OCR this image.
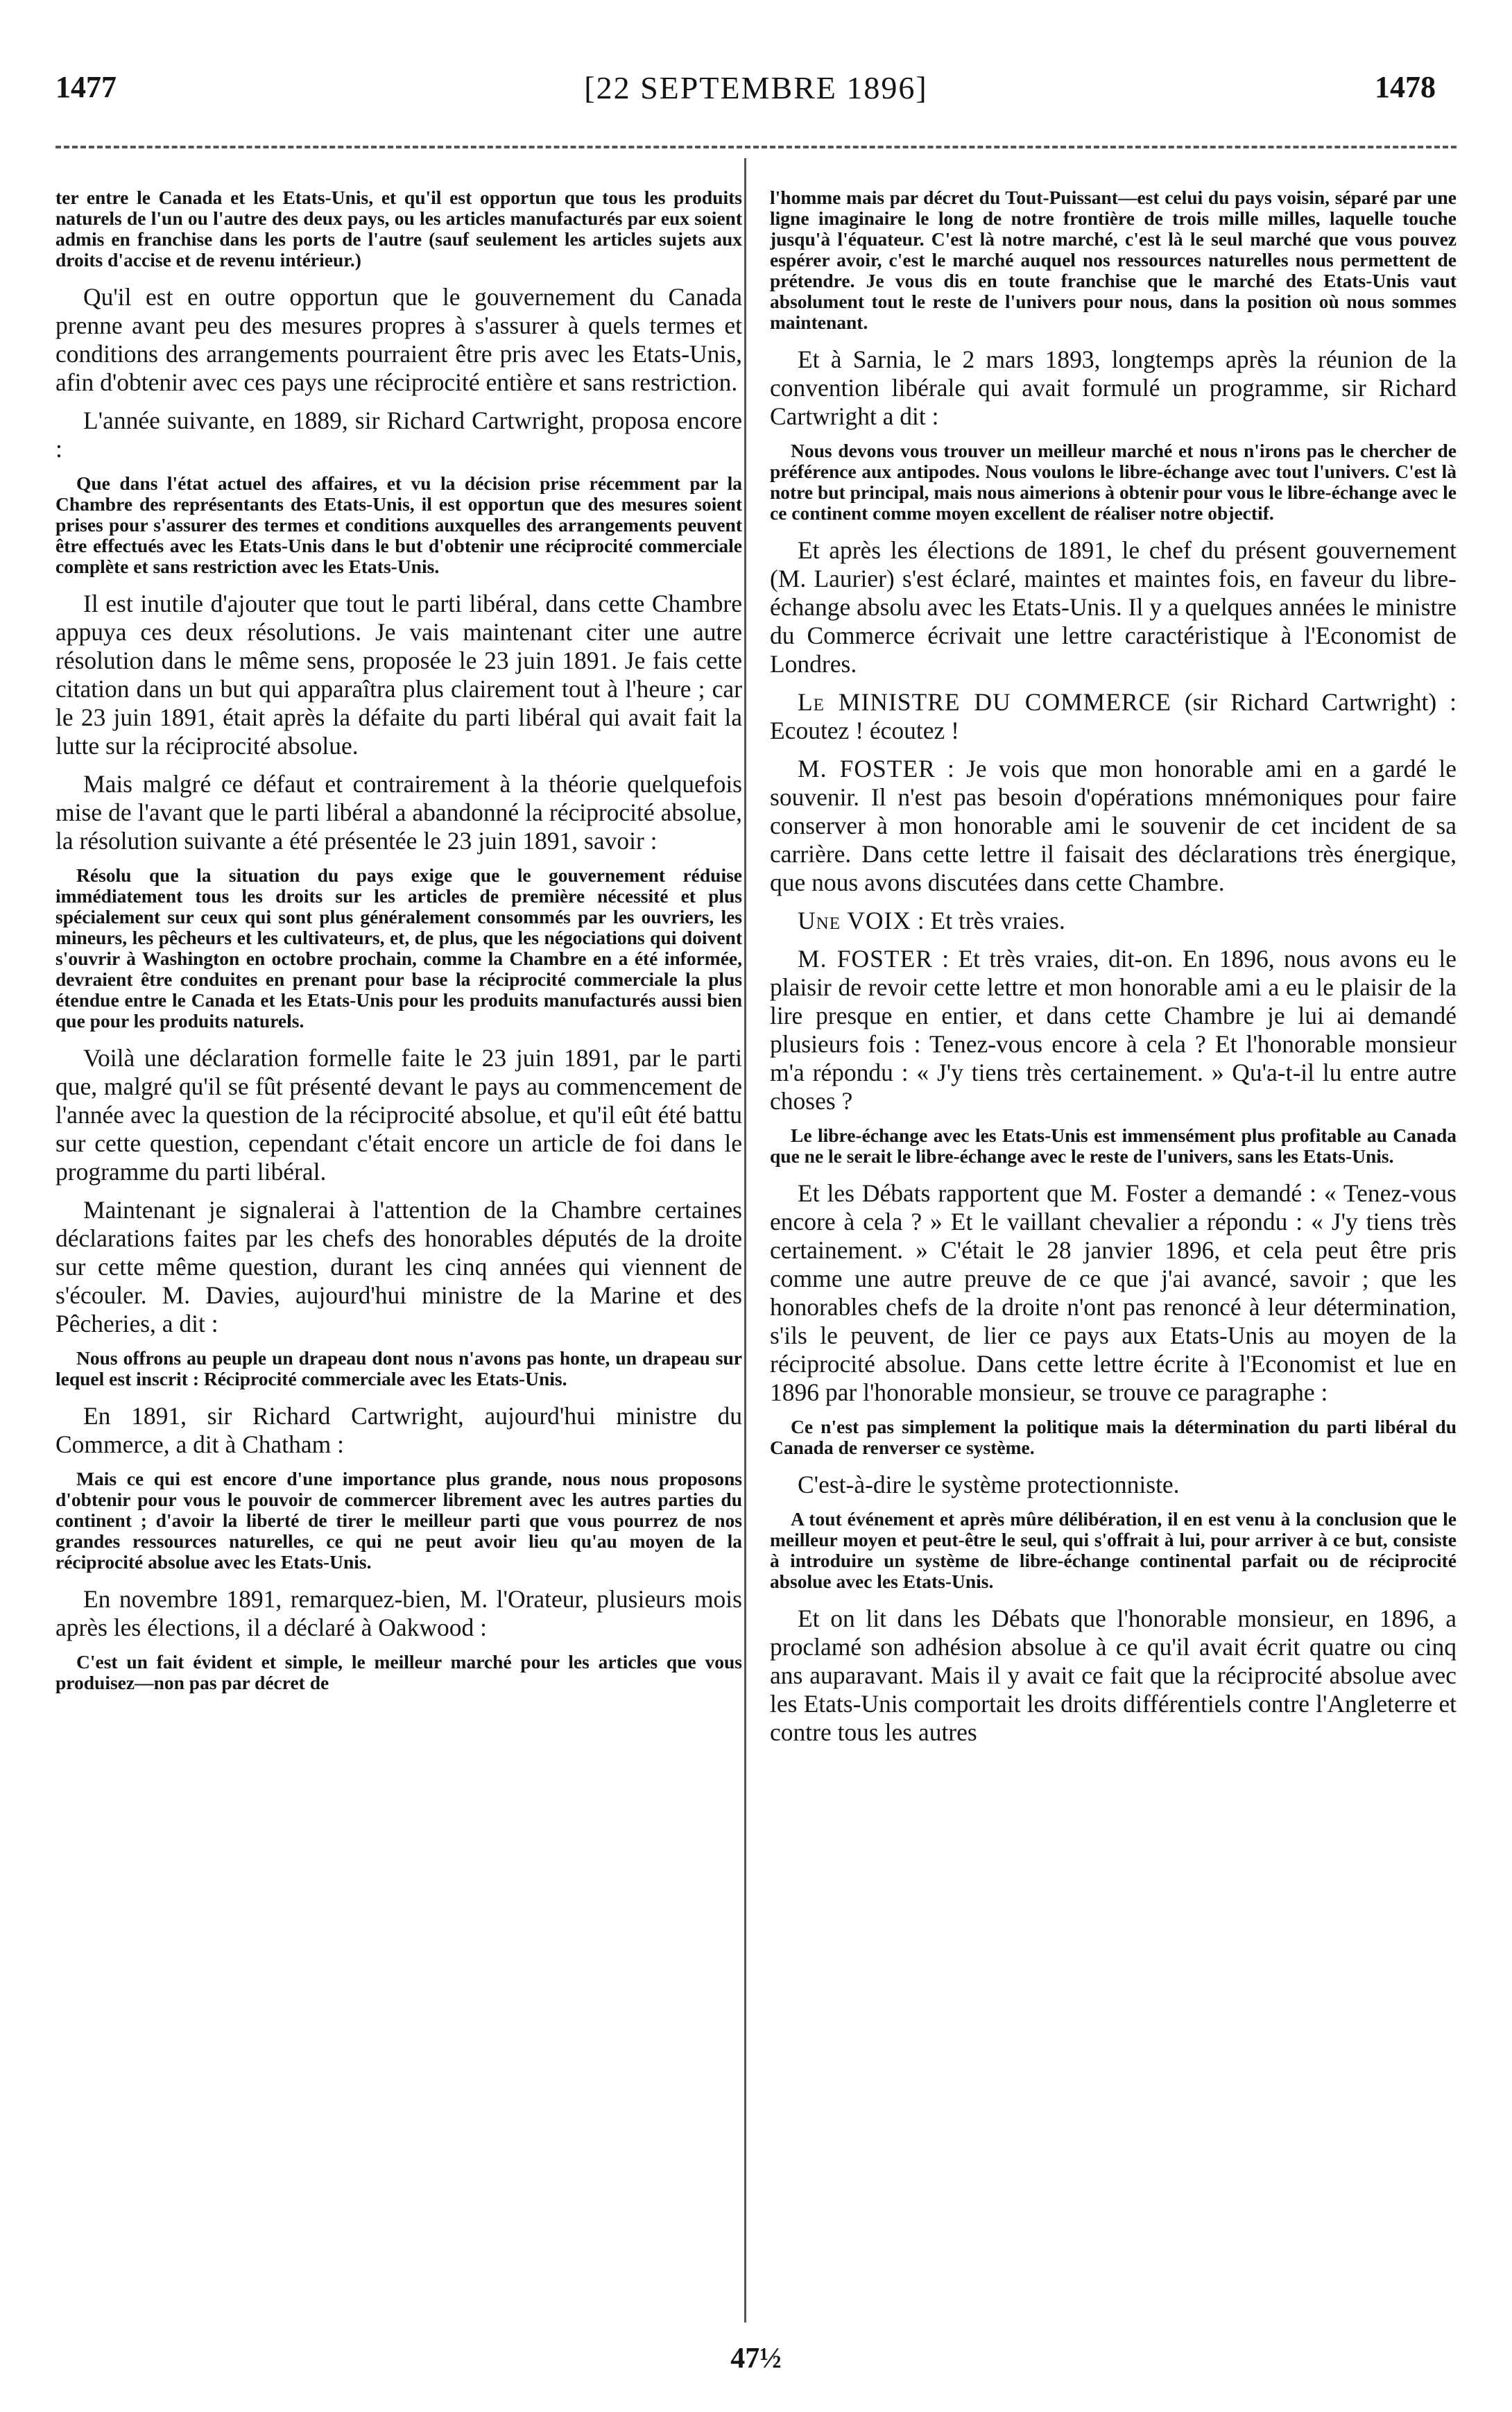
1477	[22 SEPTEMBRE 1896]	1478

ter entre le Canada et les Etats-Unis, et qu'il est opportun que tous les produits naturels de l'un ou l'autre des deux pays, ou les articles manufacturés par eux soient admis en franchise dans les ports de l'autre (sauf seulement les articles sujets aux droits d'accise et de revenu intérieur.)

Qu'il est en outre opportun que le gouvernement du Canada prenne avant peu des mesures propres à s'assurer à quels termes et conditions des arrangements pourraient être pris avec les Etats-Unis, afin d'obtenir avec ces pays une réciprocité entière et sans restriction.

L'année suivante, en 1889, sir Richard Cartwright, proposa encore :

Que dans l'état actuel des affaires, et vu la décision prise récemment par la Chambre des représentants des Etats-Unis, il est opportun que des mesures soient prises pour s'assurer des termes et conditions auxquelles des arrangements peuvent être effectués avec les Etats-Unis dans le but d'obtenir une réciprocité commerciale complète et sans restriction avec les Etats-Unis.

Il est inutile d'ajouter que tout le parti libéral, dans cette Chambre appuya ces deux résolutions. Je vais maintenant citer une autre résolution dans le même sens, proposée le 23 juin 1891. Je fais cette citation dans un but qui apparaîtra plus clairement tout à l'heure ; car le 23 juin 1891, était après la défaite du parti libéral qui avait fait la lutte sur la réciprocité absolue.

Mais malgré ce défaut et contrairement à la théorie quelquefois mise de l'avant que le parti libéral a abandonné la réciprocité absolue, la résolution suivante a été présentée le 23 juin 1891, savoir :

Résolu que la situation du pays exige que le gouvernement réduise immédiatement tous les droits sur les articles de première nécessité et plus spécialement sur ceux qui sont plus généralement consommés par les ouvriers, les mineurs, les pêcheurs et les cultivateurs, et, de plus, que les négociations qui doivent s'ouvrir à Washington en octobre prochain, comme la Chambre en a été informée, devraient être conduites en prenant pour base la réciprocité commerciale la plus étendue entre le Canada et les Etats-Unis pour les produits manufacturés aussi bien que pour les produits naturels.

Voilà une déclaration formelle faite le 23 juin 1891, par le parti que, malgré qu'il se fût présenté devant le pays au commencement de l'année avec la question de la réciprocité absolue, et qu'il eût été battu sur cette question, cependant c'était encore un article de foi dans le programme du parti libéral.

Maintenant je signalerai à l'attention de la Chambre certaines déclarations faites par les chefs des honorables députés de la droite sur cette même question, durant les cinq années qui viennent de s'écouler. M. Davies, aujourd'hui ministre de la Marine et des Pêcheries, a dit :

Nous offrons au peuple un drapeau dont nous n'avons pas honte, un drapeau sur lequel est inscrit : Réciprocité commerciale avec les Etats-Unis.

En 1891, sir Richard Cartwright, aujourd'hui ministre du Commerce, a dit à Chatham :

Mais ce qui est encore d'une importance plus grande, nous nous proposons d'obtenir pour vous le pouvoir de commercer librement avec les autres parties du continent ; d'avoir la liberté de tirer le meilleur parti que vous pourrez de nos grandes ressources naturelles, ce qui ne peut avoir lieu qu'au moyen de la réciprocité absolue avec les Etats-Unis.

En novembre 1891, remarquez-bien, M. l'Orateur, plusieurs mois après les élections, il a déclaré à Oakwood :

C'est un fait évident et simple, le meilleur marché pour les articles que vous produisez—non pas par décret de

l'homme mais par décret du Tout-Puissant—est celui du pays voisin, séparé par une ligne imaginaire le long de notre frontière de trois mille milles, laquelle touche jusqu'à l'équateur. C'est là notre marché, c'est là le seul marché que vous pouvez espérer avoir, c'est le marché auquel nos ressources naturelles nous permettent de prétendre. Je vous dis en toute franchise que le marché des Etats-Unis vaut absolument tout le reste de l'univers pour nous, dans la position où nous sommes maintenant.

Et à Sarnia, le 2 mars 1893, longtemps après la réunion de la convention libérale qui avait formulé un programme, sir Richard Cartwright a dit :

Nous devons vous trouver un meilleur marché et nous n'irons pas le chercher de préférence aux antipodes. Nous voulons le libre-échange avec tout l'univers. C'est là notre but principal, mais nous aimerions à obtenir pour vous le libre-échange avec le ce continent comme moyen excellent de réaliser notre objectif.

Et après les élections de 1891, le chef du présent gouvernement (M. Laurier) s'est éclaré, maintes et maintes fois, en faveur du libre-échange absolu avec les Etats-Unis. Il y a quelques années le ministre du Commerce écrivait une lettre caractéristique à l'Economist de Londres.

Le MINISTRE DU COMMERCE (sir Richard Cartwright) : Ecoutez ! écoutez !

M. FOSTER : Je vois que mon honorable ami en a gardé le souvenir. Il n'est pas besoin d'opérations mnémoniques pour faire conserver à mon honorable ami le souvenir de cet incident de sa carrière. Dans cette lettre il faisait des déclarations très énergique, que nous avons discutées dans cette Chambre.

Une VOIX : Et très vraies.

M. FOSTER : Et très vraies, dit-on. En 1896, nous avons eu le plaisir de revoir cette lettre et mon honorable ami a eu le plaisir de la lire presque en entier, et dans cette Chambre je lui ai demandé plusieurs fois : Tenez-vous encore à cela ? Et l'honorable monsieur m'a répondu : « J'y tiens très certainement. » Qu'a-t-il lu entre autre choses ?

Le libre-échange avec les Etats-Unis est immensément plus profitable au Canada que ne le serait le libre-échange avec le reste de l'univers, sans les Etats-Unis.

Et les Débats rapportent que M. Foster a demandé : « Tenez-vous encore à cela ? » Et le vaillant chevalier a répondu : « J'y tiens très certainement. » C'était le 28 janvier 1896, et cela peut être pris comme une autre preuve de ce que j'ai avancé, savoir ; que les honorables chefs de la droite n'ont pas renoncé à leur détermination, s'ils le peuvent, de lier ce pays aux Etats-Unis au moyen de la réciprocité absolue. Dans cette lettre écrite à l'Economist et lue en 1896 par l'honorable monsieur, se trouve ce paragraphe :

Ce n'est pas simplement la politique mais la détermination du parti libéral du Canada de renverser ce système.

C'est-à-dire le système protectionniste.

A tout événement et après mûre délibération, il en est venu à la conclusion que le meilleur moyen et peut-être le seul, qui s'offrait à lui, pour arriver à ce but, consiste à introduire un système de libre-échange continental parfait ou de réciprocité absolue avec les Etats-Unis.

Et on lit dans les Débats que l'honorable monsieur, en 1896, a proclamé son adhésion absolue à ce qu'il avait écrit quatre ou cinq ans auparavant. Mais il y avait ce fait que la réciprocité absolue avec les Etats-Unis comportait les droits différentiels contre l'Angleterre et contre tous les autres

47½
